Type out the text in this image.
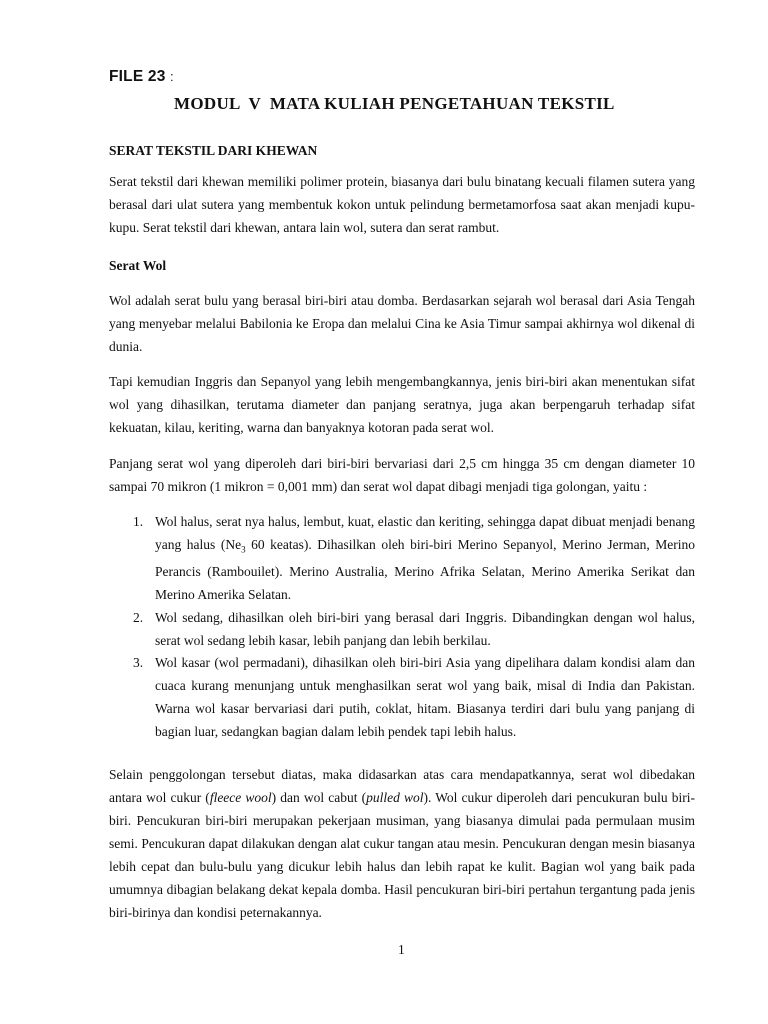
FILE 23 :
MODUL  V  MATA KULIAH PENGETAHUAN TEKSTIL
SERAT TEKSTIL DARI KHEWAN
Serat tekstil dari khewan memiliki polimer protein, biasanya dari bulu binatang kecuali filamen sutera yang berasal dari ulat sutera yang membentuk kokon untuk pelindung bermetamorfosa saat akan menjadi kupu-kupu. Serat tekstil dari khewan, antara lain wol, sutera dan serat rambut.
Serat Wol
Wol adalah serat bulu yang berasal biri-biri atau domba. Berdasarkan sejarah wol berasal dari Asia Tengah yang menyebar melalui Babilonia ke Eropa dan melalui Cina ke Asia Timur sampai akhirnya wol dikenal di dunia.
Tapi kemudian Inggris dan Sepanyol yang lebih mengembangkannya, jenis biri-biri akan menentukan sifat wol yang dihasilkan, terutama diameter dan panjang seratnya, juga akan berpengaruh terhadap sifat kekuatan, kilau, keriting, warna dan banyaknya kotoran pada serat wol.
Panjang serat wol yang diperoleh dari biri-biri bervariasi dari 2,5 cm hingga 35 cm dengan diameter 10 sampai 70 mikron (1 mikron = 0,001 mm) dan serat wol dapat dibagi menjadi tiga golongan, yaitu :
1. Wol halus, serat nya halus, lembut, kuat, elastic dan keriting, sehingga dapat dibuat menjadi benang yang halus ($Ne_3$ 60 keatas). Dihasilkan oleh biri-biri Merino Sepanyol, Merino Jerman, Merino Perancis (Rambouilet). Merino Australia, Merino Afrika Selatan, Merino Amerika Serikat dan Merino Amerika Selatan.
2. Wol sedang, dihasilkan oleh biri-biri yang berasal dari Inggris. Dibandingkan dengan wol halus, serat wol sedang lebih kasar, lebih panjang dan lebih berkilau.
3. Wol kasar (wol permadani), dihasilkan oleh biri-biri Asia yang dipelihara dalam kondisi alam dan cuaca kurang menunjang untuk menghasilkan serat wol yang baik, misal di India dan Pakistan. Warna wol kasar bervariasi dari putih, coklat, hitam. Biasanya terdiri dari bulu yang panjang di bagian luar, sedangkan bagian dalam lebih pendek tapi lebih halus.
Selain penggolongan tersebut diatas, maka didasarkan atas cara mendapatkannya, serat wol dibedakan antara wol cukur (fleece wool) dan wol cabut (pulled wol). Wol cukur diperoleh dari pencukuran bulu biri-biri. Pencukuran biri-biri merupakan pekerjaan musiman, yang biasanya dimulai pada permulaan musim semi. Pencukuran dapat dilakukan dengan alat cukur tangan atau mesin. Pencukuran dengan mesin biasanya lebih cepat dan bulu-bulu yang dicukur lebih halus dan lebih rapat ke kulit. Bagian wol yang baik pada umumnya dibagian belakang dekat kepala domba. Hasil pencukuran biri-biri pertahun tergantung pada jenis biri-birinya dan kondisi peternakannya.
1
